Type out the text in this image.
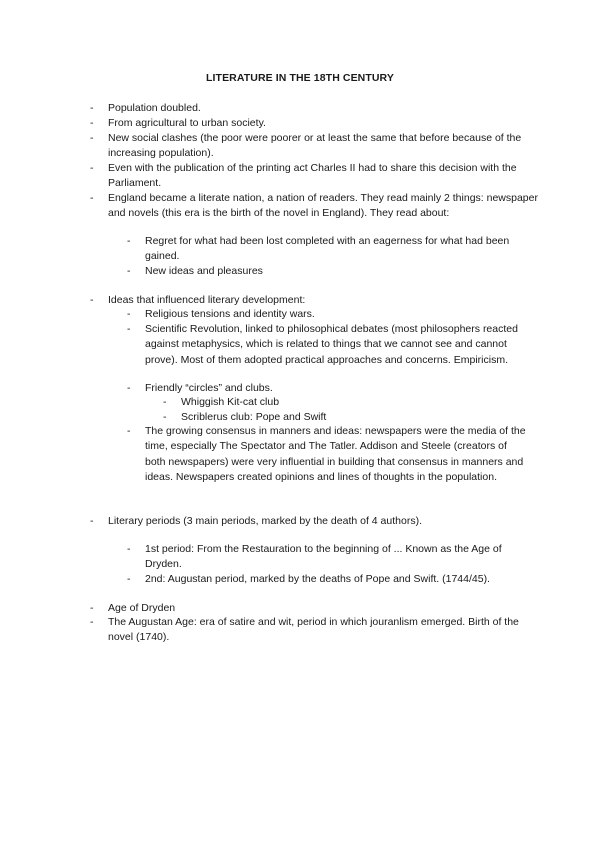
LITERATURE IN THE 18TH CENTURY
- Population doubled.
- From agricultural to urban society.
- New social clashes (the poor were poorer or at least the same that before because of the increasing population).
- Even with the publication of the printing act Charles II had to share this decision with the Parliament.
- England became a literate nation, a nation of readers. They read mainly 2 things: newspaper and novels (this era is the birth of the novel in England). They read about:
- Regret for what had been lost completed with an eagerness for what had been gained.
- New ideas and pleasures
- Ideas that influenced literary development:
- Religious tensions and identity wars.
- Scientific Revolution, linked to philosophical debates (most philosophers reacted against metaphysics, which is related to things that we cannot see and cannot prove). Most of them adopted practical approaches and concerns. Empiricism.
- Friendly “circles” and clubs.
- Whiggish Kit-cat club
- Scriblerus club: Pope and Swift
- The growing consensus in manners and ideas: newspapers were the media of the time, especially The Spectator and The Tatler. Addison and Steele (creators of both newspapers) were very influential in building that consensus in manners and ideas. Newspapers created opinions and lines of thoughts in the population.
- Literary periods (3 main periods, marked by the death of 4 authors).
- 1st period: From the Restauration to the beginning of ... Known as the Age of Dryden.
- 2nd: Augustan period, marked by the deaths of Pope and Swift. (1744/45).
- Age of Dryden
- The Augustan Age: era of satire and wit, period in which jouranlism emerged. Birth of the novel (1740).
